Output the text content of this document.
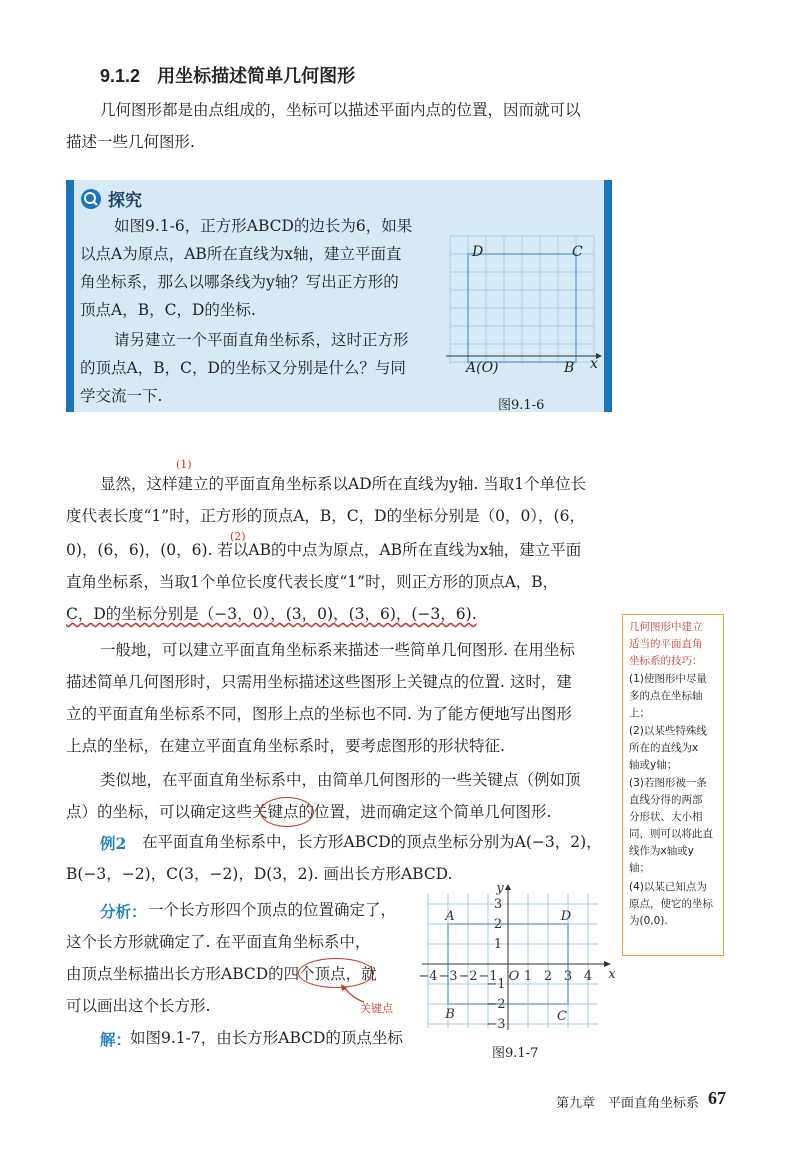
9.1.2 用坐标描述简单几何图形
几何图形都是由点组成的，坐标可以描述平面内点的位置，因而就可以
描述一些几何图形.
探究
如图9.1-6，正方形ABCD的边长为6，如果
以点A为原点，AB所在直线为x轴，建立平面直
角坐标系，那么以哪条线为y轴？写出正方形的
顶点A，B，C，D的坐标.
请另建立一个平面直角坐标系，这时正方形
的顶点A，B，C，D的坐标又分别是什么？与同
学交流一下.
D	C
A(O)	B x
图9.1-6
(1)
显然，这样建立的平面直角坐标系以AD所在直线为y轴. 当取1个单位长
度代表长度“1”时，正方形的顶点A，B，C，D的坐标分别是（0，0），(6，
(2)
0)，(6，6)，(0，6). 若以AB的中点为原点，AB所在直线为x轴，建立平面
直角坐标系，当取1个单位长度代表长度“1”时，则正方形的顶点A，B，
C，D的坐标分别是（−3，0），(3，0)，(3，6)，(−3，6).
一般地，可以建立平面直角坐标系来描述一些简单几何图形. 在用坐标
描述简单几何图形时，只需用坐标描述这些图形上关键点的位置. 这时，建
立的平面直角坐标系不同，图形上点的坐标也不同. 为了能方便地写出图形
上点的坐标，在建立平面直角坐标系时，要考虑图形的形状特征.
类似地，在平面直角坐标系中，由简单几何图形的一些关键点（例如顶
点）的坐标，可以确定这些关键点的位置，进而确定这个简单几何图形.
例2 在平面直角坐标系中，长方形ABCD的顶点坐标分别为A(−3，2)，
B(−3，−2)，C(3，−2)，D(3，2). 画出长方形ABCD.
分析： 一个长方形四个顶点的位置确定了，
这个长方形就确定了. 在平面直角坐标系中，
由顶点坐标描出长方形ABCD的四个顶点，就
可以画出这个长方形.	关键点
解：
如图9.1-7，由长方形ABCD的顶点坐标
−4 −3 −2 −1 1 2 3 4
3
2
1
−1
−2
−3
O	x
y
A	D
B	C
图9.1-7
几何图形中建立
适当的平面直角
坐标系的技巧：
(1)使图形中尽量
多的点在坐标轴
上；
(2)以某些特殊线
所在的直线为x
轴或y轴；
(3)若图形被一条
直线分得的两部
分形状、大小相
同，则可以将此直
线作为x轴或y
轴；
(4)以某已知点为
原点，使它的坐标
为(0,0).
第九章　平面直角坐标系 67
